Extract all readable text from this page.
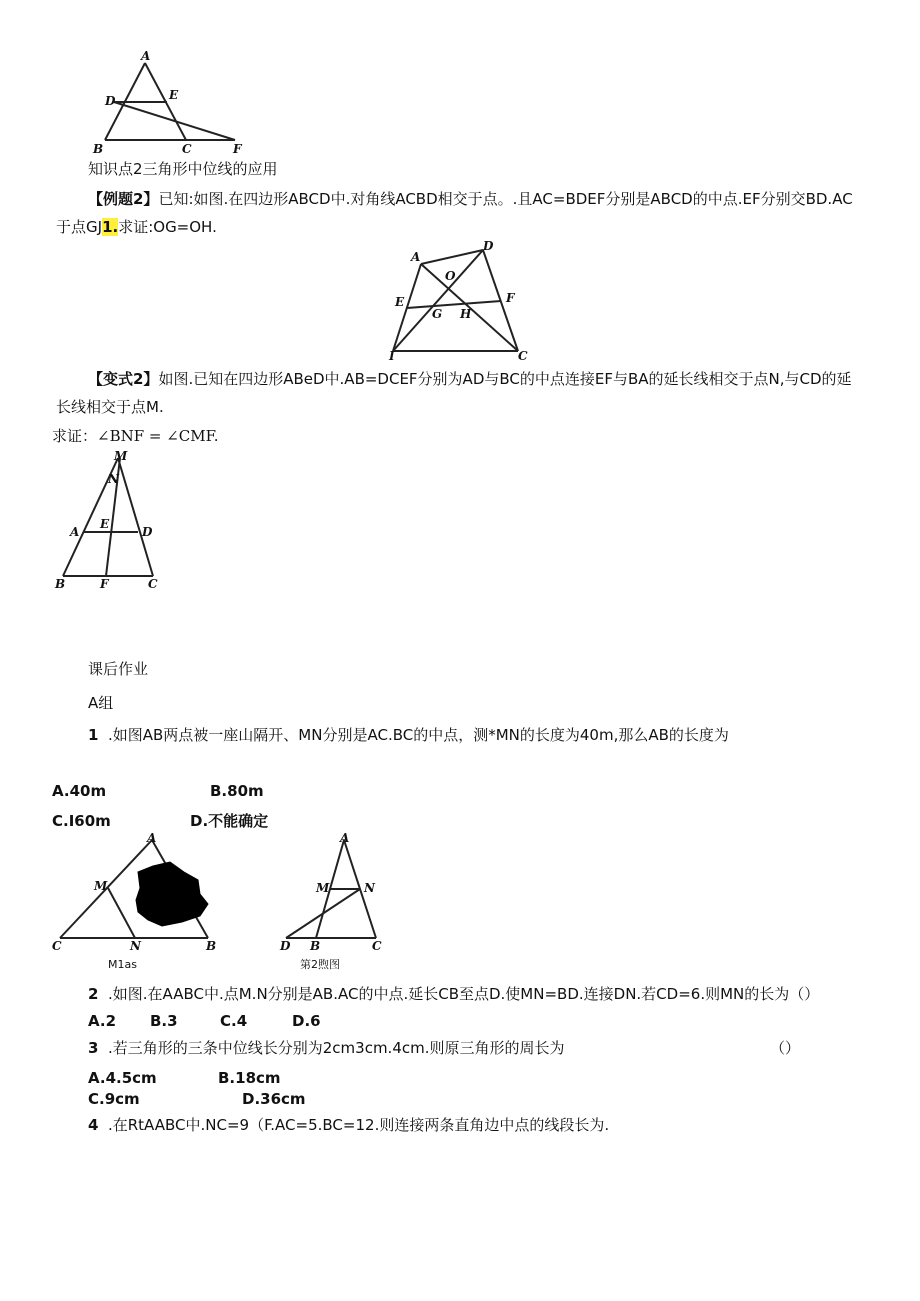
A
D	E
B	C	F
知识点2三角形中位线的应用
【例题2】已知:如图.在四边形ABCD中.对角线ACBD相交于点。.且AC=BDEF分别是ABCD的中点.EF分别交BD.AC
于点GJ1.求证:OG=OH.
A
D
O
E	F
G H
I	C
【变式2】如图.已知在四边形ABeD中.AB=DCEF分别为AD与BC的中点连接EF与BA的延长线相交于点N,与CD的延
长线相交于点M.
求证：∠BNF = ∠CMF.
M
N
E
A	D
B	F	C
课后作业
A组
1 .如图AB两点被一座山隔开、MN分别是AC.BC的中点，测*MN的长度为40m,那么AB的长度为
A.40m	B.80m
C.I60m	D.不能确定
A
M
C	N	B
M1as
A
M	N
D B	C
第2煦图
2 .如图.在AABC中.点M.N分别是AB.AC的中点.延长CB至点D.使MN=BD.连接DN.若CD=6.则MN的长为（）
A.2 B.3	C.4	D.6
3 .若三角形的三条中位线长分别为2cm3cm.4cm.则原三角形的周长为	（）
A.4.5cm	B.18cm
C.9cm	D.36cm
4 .在RtAABC中.NC=9（F.AC=5.BC=12.则连接两条直角边中点的线段长为.
